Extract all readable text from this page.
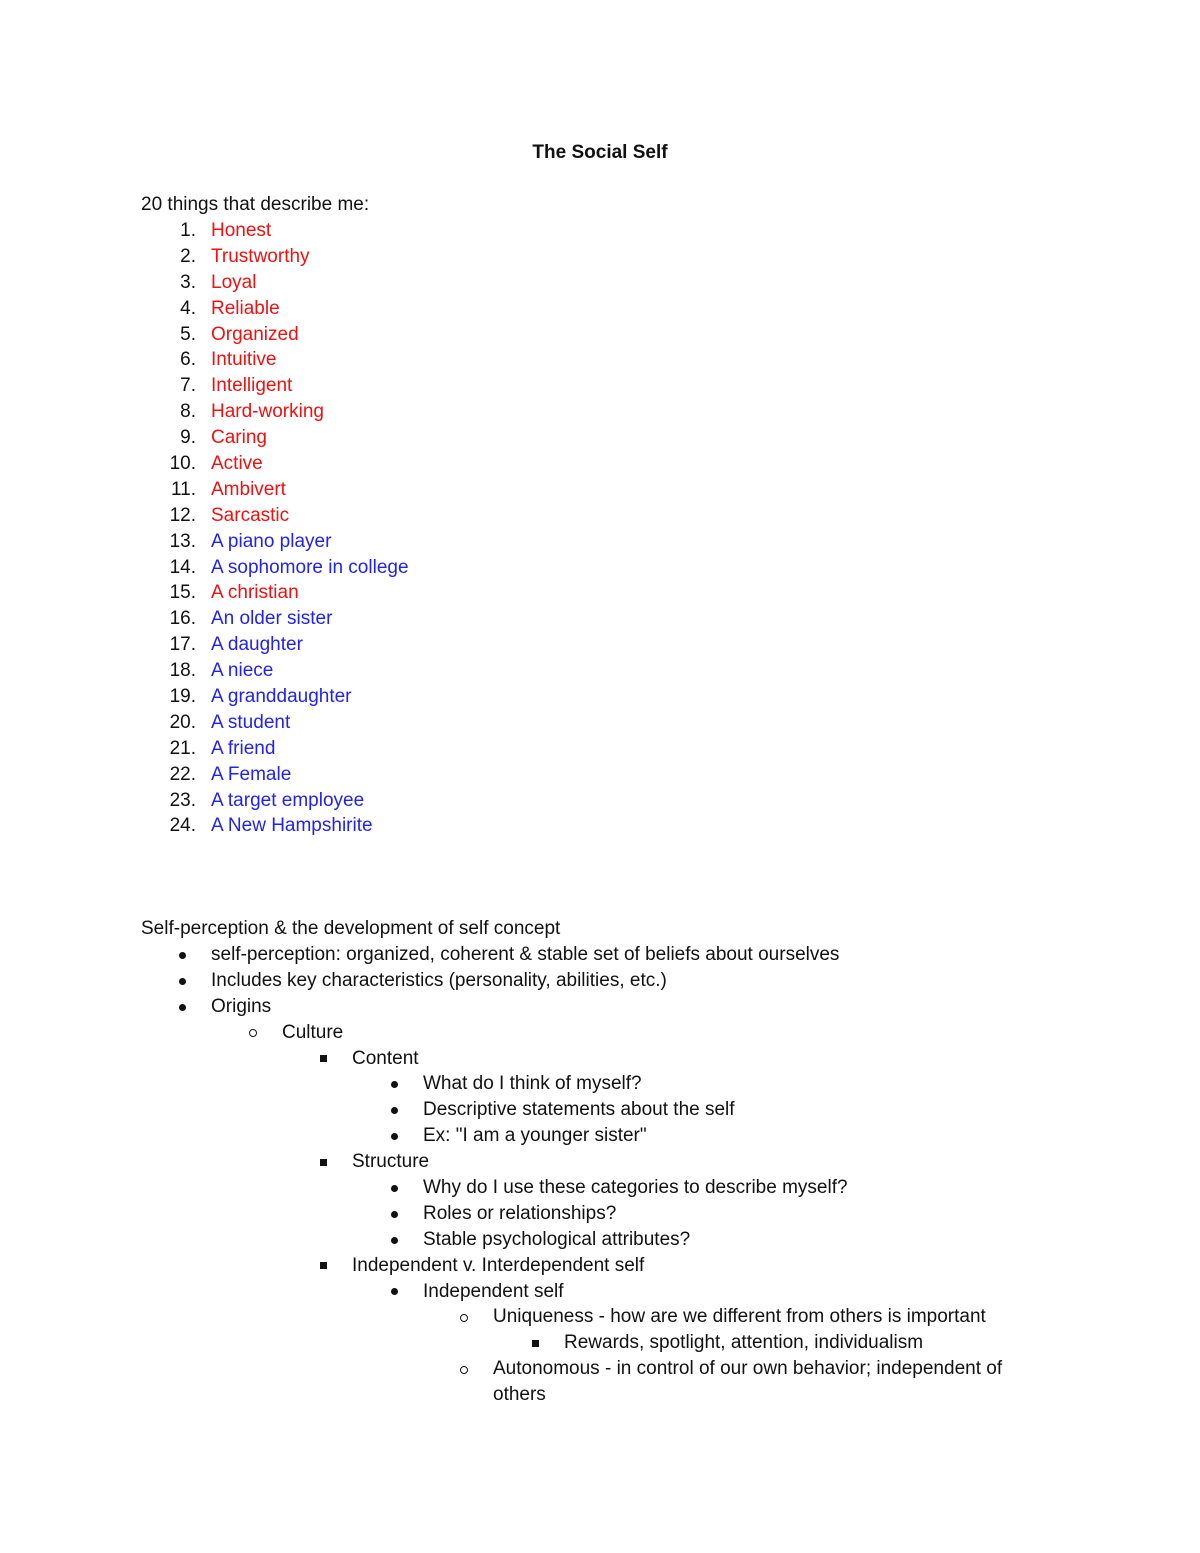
The Social Self
20 things that describe me:
1. Honest
2. Trustworthy
3. Loyal
4. Reliable
5. Organized
6. Intuitive
7. Intelligent
8. Hard-working
9. Caring
10. Active
11. Ambivert
12. Sarcastic
13. A piano player
14. A sophomore in college
15. A christian
16. An older sister
17. A daughter
18. A niece
19. A granddaughter
20. A student
21. A friend
22. A Female
23. A target employee
24. A New Hampshirite
Self-perception & the development of self concept
self-perception: organized, coherent & stable set of beliefs about ourselves
Includes key characteristics (personality, abilities, etc.)
Origins
Culture
Content
What do I think of myself?
Descriptive statements about the self
Ex: "I am a younger sister"
Structure
Why do I use these categories to describe myself?
Roles or relationships?
Stable psychological attributes?
Independent v. Interdependent self
Independent self
Uniqueness - how are we different from others is important
Rewards, spotlight, attention, individualism
Autonomous - in control of our own behavior; independent of
others
